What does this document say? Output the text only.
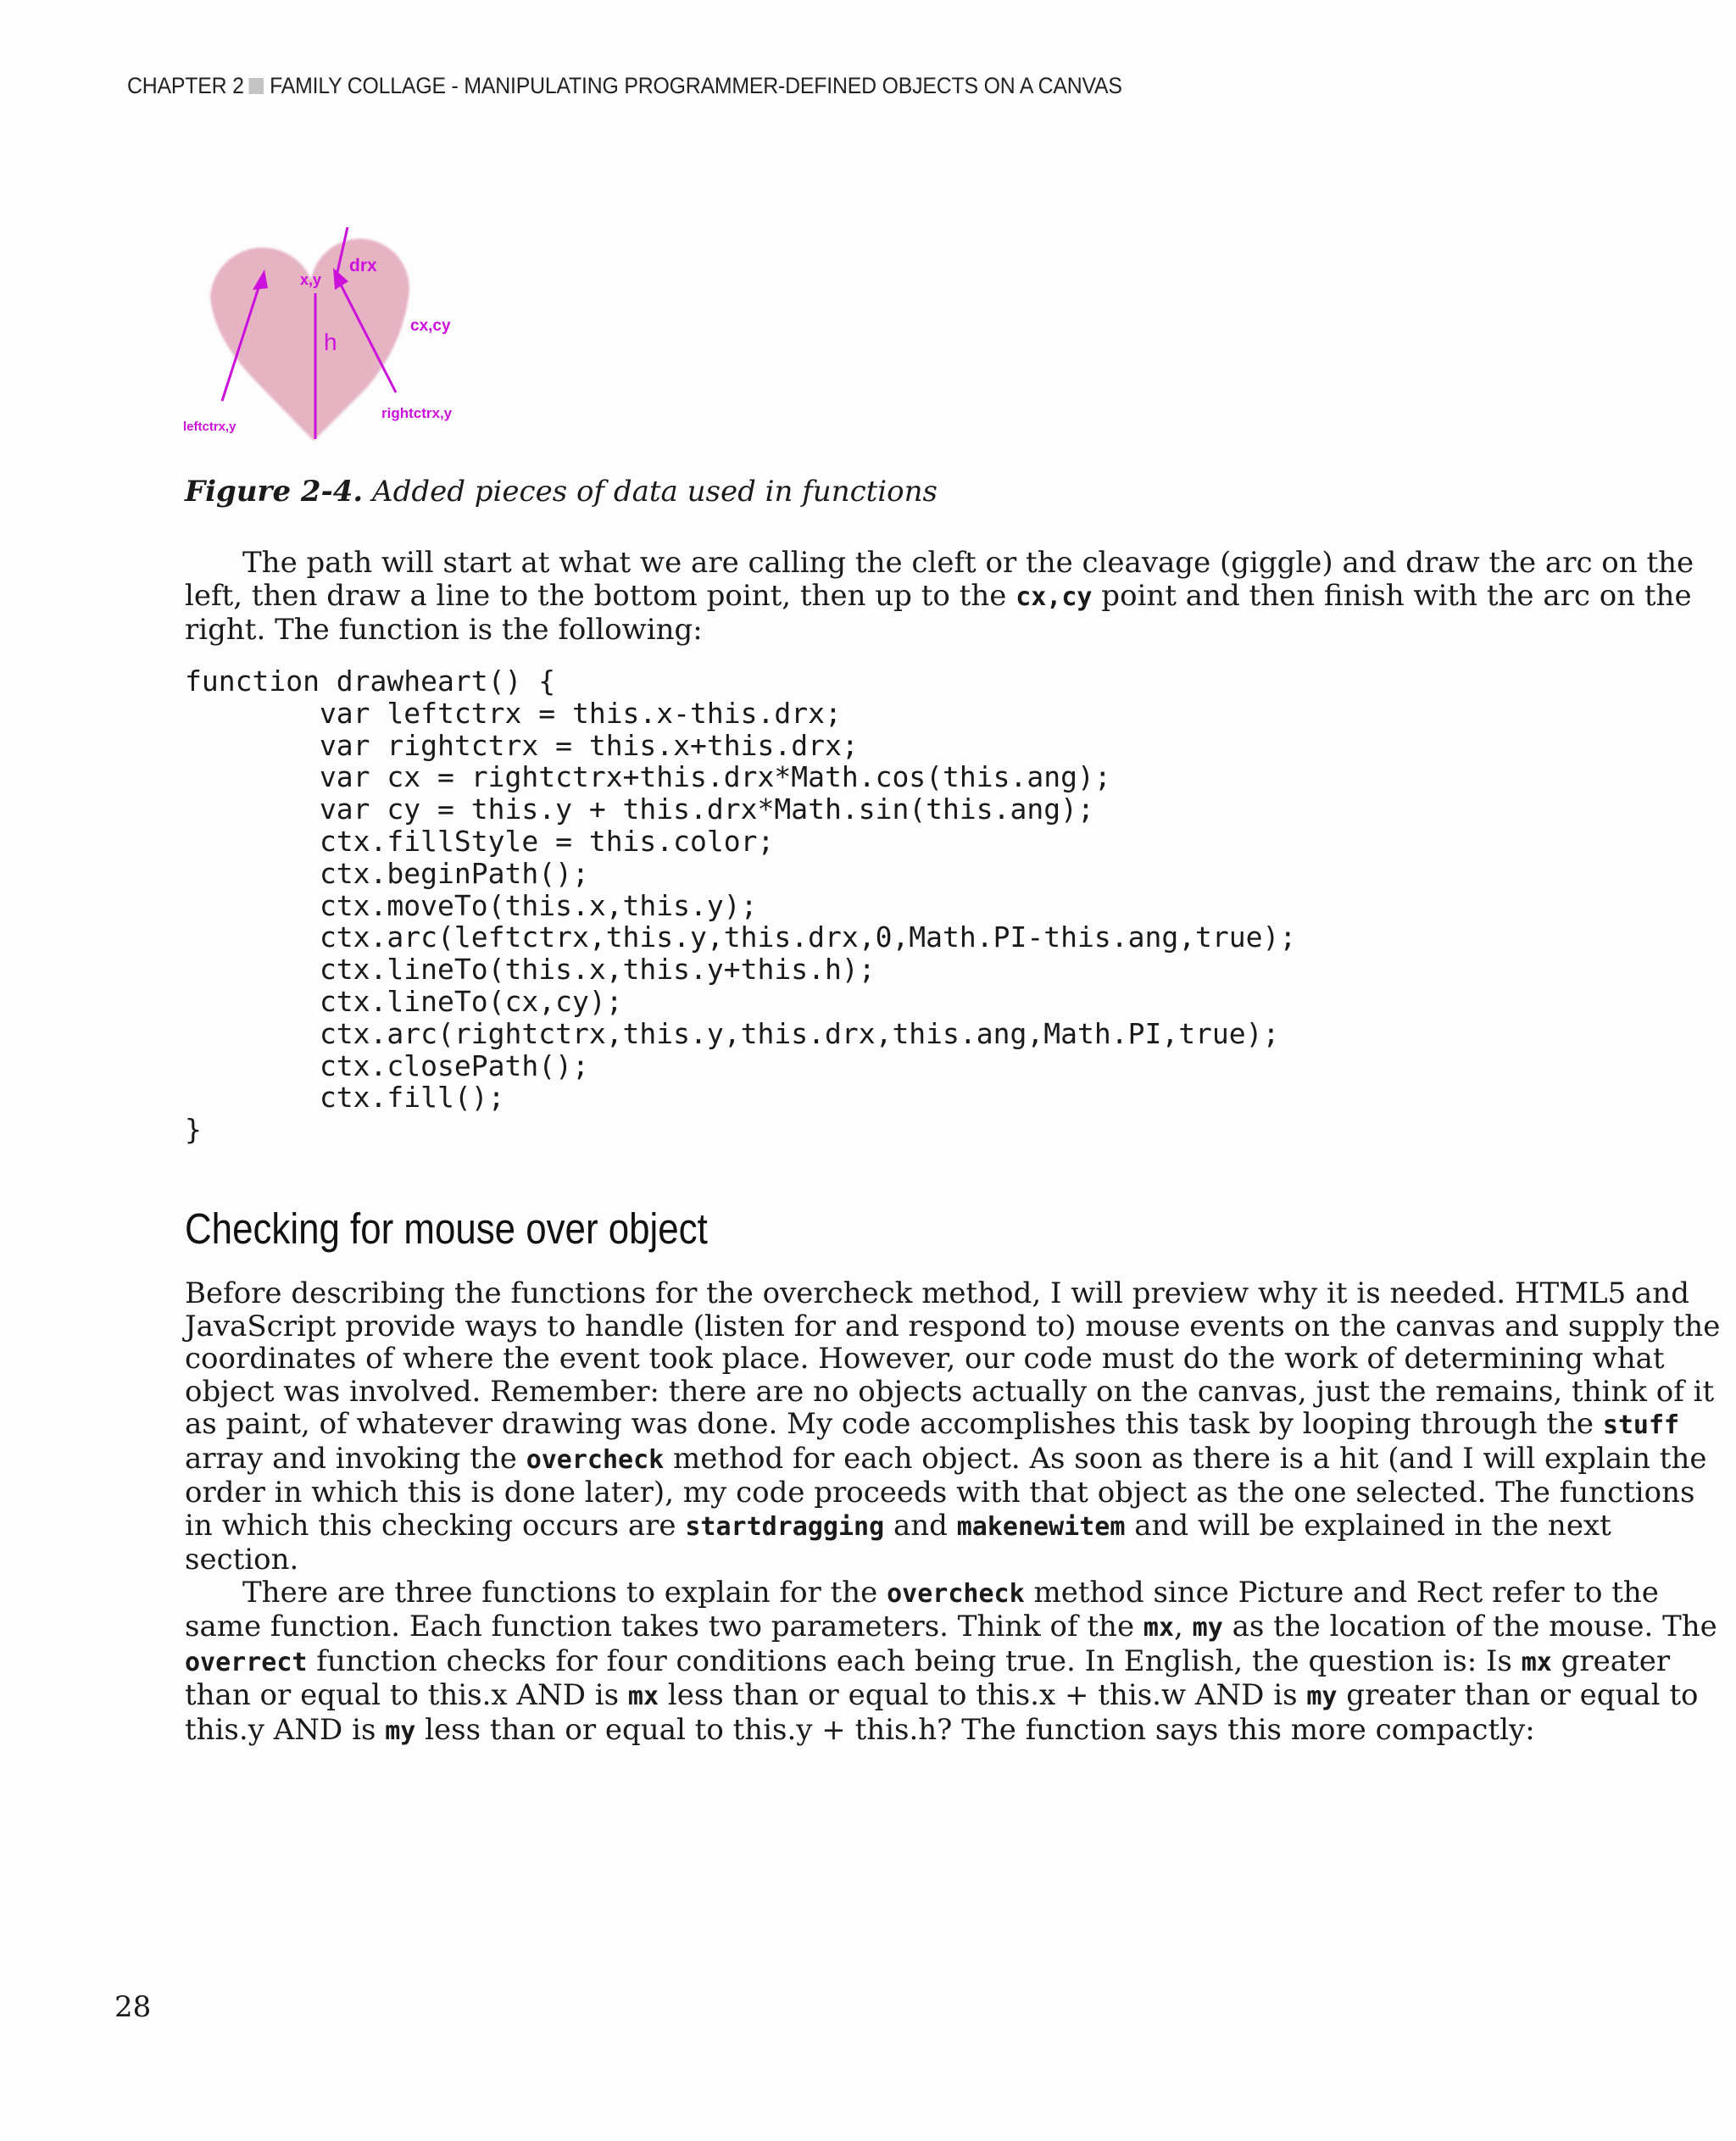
CHAPTER 2 FAMILY COLLAGE - MANIPULATING PROGRAMMER-DEFINED OBJECTS ON A CANVAS
x,y
drx
h
cx,cy
leftctrx,y
rightctrx,y
Figure 2-4. Added pieces of data used in functions
The path will start at what we are calling the cleft or the cleavage (giggle) and draw the arc on the
left, then draw a line to the bottom point, then up to the cx,cy point and then finish with the arc on the
right. The function is the following:
function drawheart() {
var leftctrx = this.x-this.drx;
var rightctrx = this.x+this.drx;
var cx = rightctrx+this.drx*Math.cos(this.ang);
var cy = this.y + this.drx*Math.sin(this.ang);
ctx.fillStyle = this.color;
ctx.beginPath();
ctx.moveTo(this.x,this.y);
ctx.arc(leftctrx,this.y,this.drx,0,Math.PI-this.ang,true);
ctx.lineTo(this.x,this.y+this.h);
ctx.lineTo(cx,cy);
ctx.arc(rightctrx,this.y,this.drx,this.ang,Math.PI,true);
ctx.closePath();
ctx.fill();
}
Checking for mouse over object
Before describing the functions for the overcheck method, I will preview why it is needed. HTML5 and
JavaScript provide ways to handle (listen for and respond to) mouse events on the canvas and supply the
coordinates of where the event took place. However, our code must do the work of determining what
object was involved. Remember: there are no objects actually on the canvas, just the remains, think of it
as paint, of whatever drawing was done. My code accomplishes this task by looping through the stuff
array and invoking the overcheck method for each object. As soon as there is a hit (and I will explain the
order in which this is done later), my code proceeds with that object as the one selected. The functions
in which this checking occurs are startdragging and makenewitem and will be explained in the next
section.
There are three functions to explain for the overcheck method since Picture and Rect refer to the
same function. Each function takes two parameters. Think of the mx, my as the location of the mouse. The
overrect function checks for four conditions each being true. In English, the question is: Is mx greater
than or equal to this.x AND is mx less than or equal to this.x + this.w AND is my greater than or equal to
this.y AND is my less than or equal to this.y + this.h? The function says this more compactly:
28
